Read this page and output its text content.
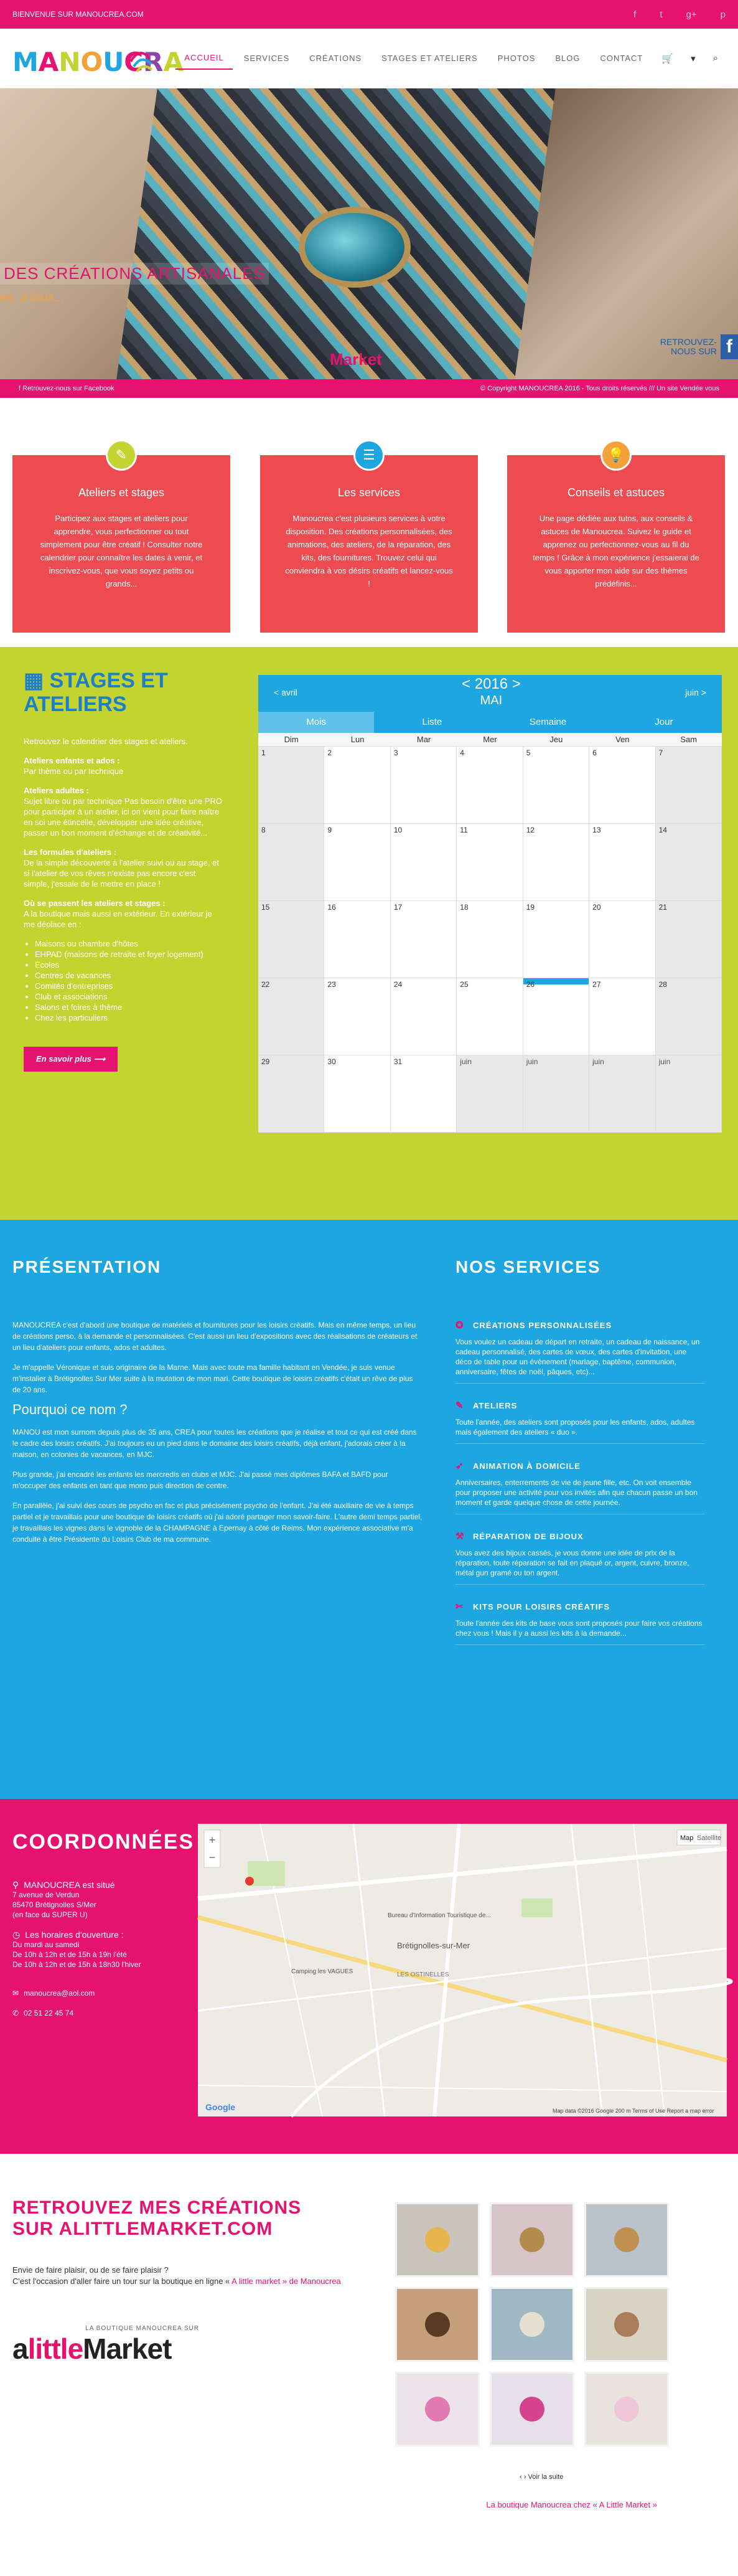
BIENVENUE SUR MANOUCREA.COM	f	t	g+	p
MANOUCRA ACCUEIL	SERVICES	CRÉATIONS	STAGES ET ATELIERS	PHOTOS	BLOG	CONTACT	🛒	▾	⌕
DES CRÉATIONS ARTISANALES
es, à tous...
Market
RETROUVEZ-NOUS SUR f
f Retrouvez-nous sur Facebook	© Copyright MANOUCREA 2016 - Tous droits réservés /// Un site Vendée vous
✎
Ateliers et stages

Participez aux stages et ateliers pour apprendre, vous perfectionner ou tout simplement pour être créatif ! Consulter notre calendrier pour connaître les dates à venir, et inscrivez-vous, que vous soyez petits ou grands...

☰
Les services

Manoucrea c'est plusieurs services à votre disposition. Des créations personnalisées, des animations, des ateliers, de la réparation, des kits, des fournitures. Trouvez celui qui conviendra à vos désirs créatifs et lancez-vous !

💡
Conseils et astuces

Une page dédiée aux tutos, aux conseils & astuces de Manoucrea. Suivez le guide et apprenez ou perfectionnez-vous au fil du temps ! Grâce à mon expérience j'essaierai de vous apporter mon aide sur des thèmes prédéfinis...

▦ STAGES ET ATELIERS
Retrouvez le calendrier des stages et ateliers.
Ateliers enfants et ados :
Par thème ou par technique
Ateliers adultes :
Sujet libre ou par technique Pas besoin d'être une PRO pour participer à un atelier, ici on vient pour faire naître en soi une étincelle, développer une idée créative, passer un bon moment d'échange et de créativité...
Les formules d'ateliers :
De la simple découverte à l'atelier suivi ou au stage, et si l'atelier de vos rêves n'existe pas encore c'est simple, j'essaie de le mettre en place !
Où se passent les ateliers et stages :
A la boutique mais aussi en extérieur. En extérieur je me déplace en :
• Maisons ou chambre d'hôtes
• EHPAD (maisons de retraite et foyer logement)
• Écoles
• Centres de vacances
• Comités d'entreprises
• Club et associations
• Salons et foires à thème
• Chez les particuliers
En savoir plus ⟶
< avril	< 2016 >
MAI
juin >
Mois	Liste	Semaine	Jour
Dim	Lun	Mar	Mer	Jeu	Ven	Sam
1	2	3	4	5	6	7
8	9	10	11	12	13	14
15	16	17	18	19	20	21
22	23	24	25	26	27	28
29	30	31	juin	juin	juin	juin
PRÉSENTATION	NOS SERVICES

MANOUCREA c'est d'abord une boutique de matériels et fournitures pour les loisirs créatifs. Mais en même temps, un lieu de créations perso, à la demande et personnalisées. C'est aussi un lieu d'expositions avec des réalisations de créateurs et un lieu d'ateliers pour enfants, ados et adultes.

Je m'appelle Véronique et suis originaire de la Marne. Mais avec toute ma famille habitant en Vendée, je suis venue m'installer à Brétignolles Sur Mer suite à la mutation de mon mari. Cette boutique de loisirs créatifs c'était un rêve de plus de 20 ans.

Pourquoi ce nom ?

MANOU est mon surnom depuis plus de 35 ans, CREA pour toutes les créations que je réalise et tout ce qui est créé dans le cadre des loisirs créatifs. J'ai toujours eu un pied dans le domaine des loisirs créatifs, déjà enfant, j'adorais créer à la maison, en colonies de vacances, en MJC.

Plus grande, j'ai encadré les enfants les mercredis en clubs et MJC. J'ai passé mes diplômes BAFA et BAFD pour m'occuper des enfants en tant que mono puis direction de centre.

En parallèle, j'ai suivi des cours de psycho en fac et plus précisément psycho de l'enfant. J'ai été auxiliaire de vie à temps partiel et je travaillais pour une boutique de loisirs créatifs où j'ai adoré partager mon savoir-faire. L'autre demi temps partiel, je travaillais les vignes dans le vignoble de la CHAMPAGNE à Epernay à côté de Reims. Mon expérience associative m'a conduite à être Présidente du Loisirs Club de ma commune.

✪	CRÉATIONS PERSONNALISÉES

Vous voulez un cadeau de départ en retraite, un cadeau de naissance, un cadeau personnalisé, des cartes de vœux, des cartes d'invitation, une déco de table pour un évènement (mariage, baptême, communion, anniversaire, fêtes de noël, pâques, etc)...

✎	ATELIERS

Toute l'année, des ateliers sont proposés pour les enfants, ados, adultes mais également des ateliers « duo ».

➶	ANIMATION À DOMICILE

Anniversaires, enterrements de vie de jeune fille, etc. On voit ensemble pour proposer une activité pour vos invités afin que chacun passe un bon moment et garde quelque chose de cette journée.

⚒ RÉPARATION DE BIJOUX

Vous avez des bijoux cassés, je vous donne une idée de prix de la réparation, toute réparation se fait en plaqué or, argent, cuivre, bronze, métal gun gramé ou ton argent.

✂	KITS POUR LOISIRS CRÉATIFS

Toute l'année des kits de base vous sont proposés pour faire vos créations chez vous ! Mais il y a aussi les kits à la demande...

COORDONNÉES
⚲ MANOUCREA est situé
7 avenue de Verdun
85470 Brétignolles S/Mer
(en face du SUPER U)
◷ Les horaires d'ouverture :
Du mardi au samedi
De 10h à 12h et de 15h à 19h l'été
De 10h à 12h et de 15h à 18h30 l'hiver
✉ manoucrea@aol.com
✆ 02 51 22 45 74
+
−
Map Satellite
Brétignolles-sur-Mer
Bureau d'Information Touristique de...
Camping les VAGUES	LES OSTINELLES
Google	Map data ©2016 Google 200 m Terms of Use Report a map error
RETROUVEZ MES CRÉATIONS SUR ALITTLEMARKET.COM
Envie de faire plaisir, ou de se faire plaisir ?
C'est l'occasion d'aller faire un tour sur la boutique en ligne « A little market » de Manoucrea
LA BOUTIQUE MANOUCREA SUR
alittleMarket
‹ › Voir la suite
La boutique Manoucrea chez « A Little Market »
